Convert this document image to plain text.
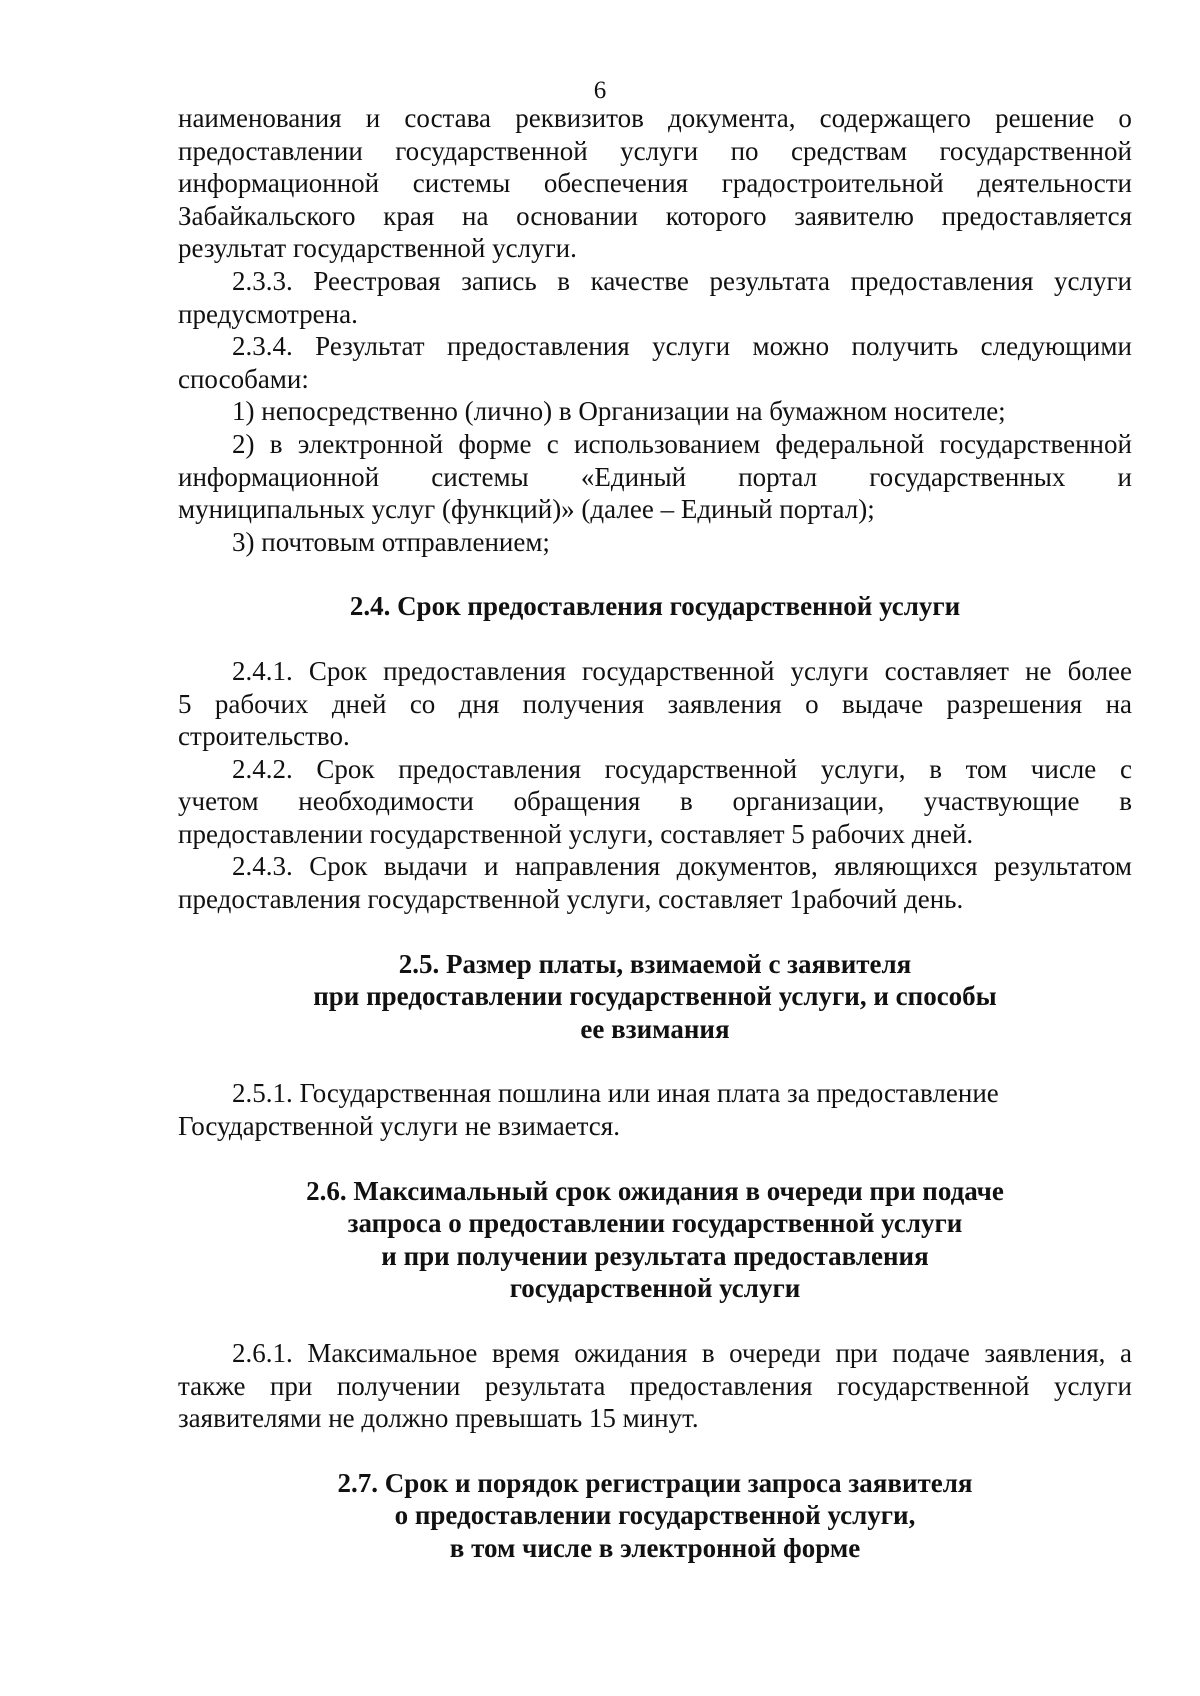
6
наименования и состава реквизитов документа, содержащего решение о
предоставлении государственной услуги по средствам государственной
информационной системы обеспечения градостроительной деятельности
Забайкальского края на основании которого заявителю предоставляется
результат государственной услуги.
2.3.3. Реестровая запись в качестве результата предоставления услуги
предусмотрена.
2.3.4. Результат предоставления услуги можно получить следующими
способами:
1) непосредственно (лично) в Организации на бумажном носителе;
2) в электронной форме с использованием федеральной государственной
информационной системы «Единый портал государственных и
муниципальных услуг (функций)» (далее – Единый портал);
3) почтовым отправлением;
2.4. Срок предоставления государственной услуги
2.4.1. Срок предоставления государственной услуги составляет не более
5 рабочих дней со дня получения заявления о выдаче разрешения на
строительство.
2.4.2. Срок предоставления государственной услуги, в том числе с
учетом необходимости обращения в организации, участвующие в
предоставлении государственной услуги, составляет 5 рабочих дней.
2.4.3. Срок выдачи и направления документов, являющихся результатом
предоставления государственной услуги, составляет 1рабочий день.
2.5. Размер платы, взимаемой с заявителя
при предоставлении государственной услуги, и способы
ее взимания
2.5.1. Государственная пошлина или иная плата за предоставление
Государственной услуги не взимается.
2.6. Максимальный срок ожидания в очереди при подаче
запроса о предоставлении государственной услуги
и при получении результата предоставления
государственной услуги
2.6.1. Максимальное время ожидания в очереди при подаче заявления, а
также при получении результата предоставления государственной услуги
заявителями не должно превышать 15 минут.
2.7. Срок и порядок регистрации запроса заявителя
о предоставлении государственной услуги,
в том числе в электронной форме
